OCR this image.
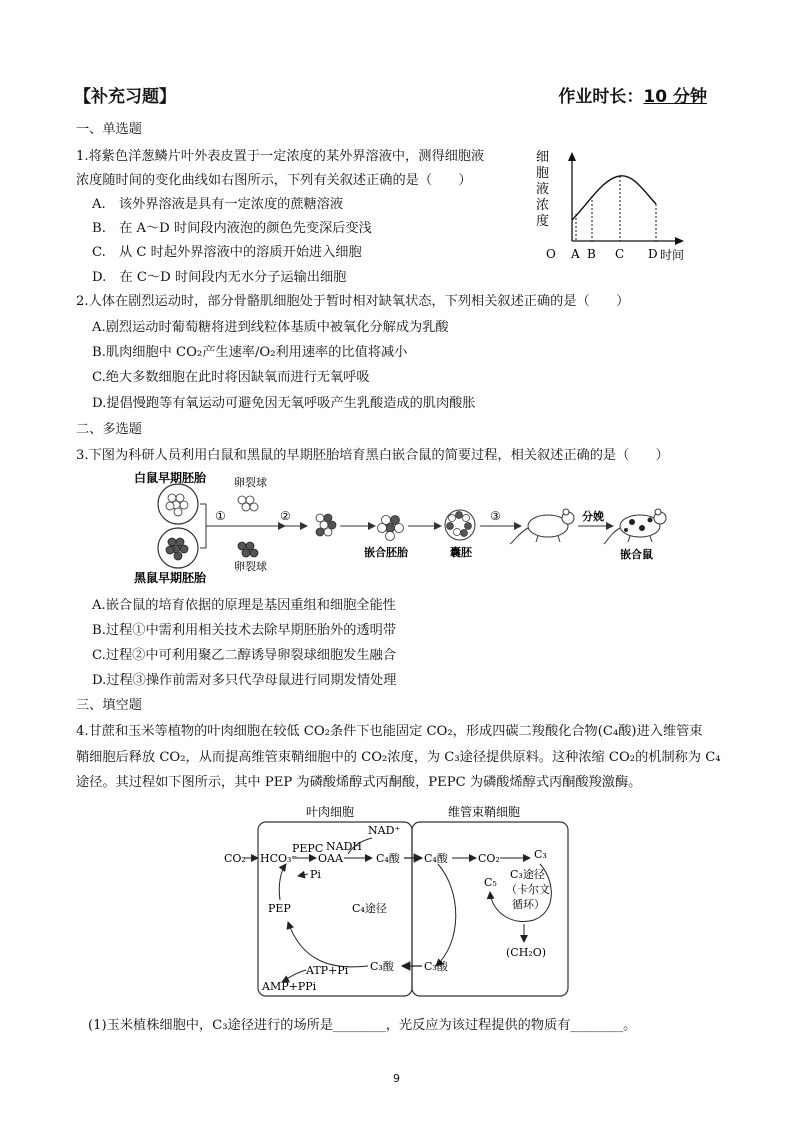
【补充习题】	作业时长：10 分钟
一、单选题
1.将紫色洋葱鳞片叶外表皮置于一定浓度的某外界溶液中，测得细胞液
浓度随时间的变化曲线如右图所示，下列有关叙述正确的是（　　）
A.　该外界溶液是具有一定浓度的蔗糖溶液
B.　在 A～D 时间段内液泡的颜色先变深后变浅
C.　从 C 时起外界溶液中的溶质开始进入细胞
D.　在 C～D 时间段内无水分子运输出细胞
细
胞
液
浓
度
O A B C D 时间
2.人体在剧烈运动时，部分骨骼肌细胞处于暂时相对缺氧状态，下列相关叙述正确的是（　　）
A.剧烈运动时葡萄糖将进到线粒体基质中被氧化分解成为乳酸
B.肌肉细胞中 CO₂产生速率/O₂利用速率的比值将减小
C.绝大多数细胞在此时将因缺氧而进行无氧呼吸
D.提倡慢跑等有氧运动可避免因无氧呼吸产生乳酸造成的肌肉酸胀
二、多选题
3.下图为科研人员利用白鼠和黑鼠的早期胚胎培育黑白嵌合鼠的简要过程，相关叙述正确的是（　　）
白鼠早期胚胎
黑鼠早期胚胎
①
卵裂球
卵裂球
②
嵌合胚胎	囊胚
③	分娩
嵌合鼠
A.嵌合鼠的培育依据的原理是基因重组和细胞全能性
B.过程①中需利用相关技术去除早期胚胎外的透明带
C.过程②中可利用聚乙二醇诱导卵裂球细胞发生融合
D.过程③操作前需对多只代孕母鼠进行同期发情处理
三、填空题
4.甘蔗和玉米等植物的叶肉细胞在较低 CO₂条件下也能固定 CO₂，形成四碳二羧酸化合物(C₄酸)进入维管束
鞘细胞后释放 CO₂，从而提高维管束鞘细胞中的 CO₂浓度，为 C₃途径提供原料。这种浓缩 CO₂的机制称为 C₄
途径。其过程如下图所示，其中 PEP 为磷酸烯醇式丙酮酸，PEPC 为磷酸烯醇式丙酮酸羧激酶。
叶肉细胞	维管束鞘细胞
CO₂ HCO₃⁻
PEPC NADH
NAD⁺
OAA	C₄酸 C₄酸	CO₂	C₃
C₅
C₃途径
（卡尔文
循环）
(CH₂O)
C₃酸
C₃酸
PEP
Pi
ATP+Pi
AMP+PPi
C₄途径
(1)玉米植株细胞中，C₃途径进行的场所是________，光反应为该过程提供的物质有________。
9
